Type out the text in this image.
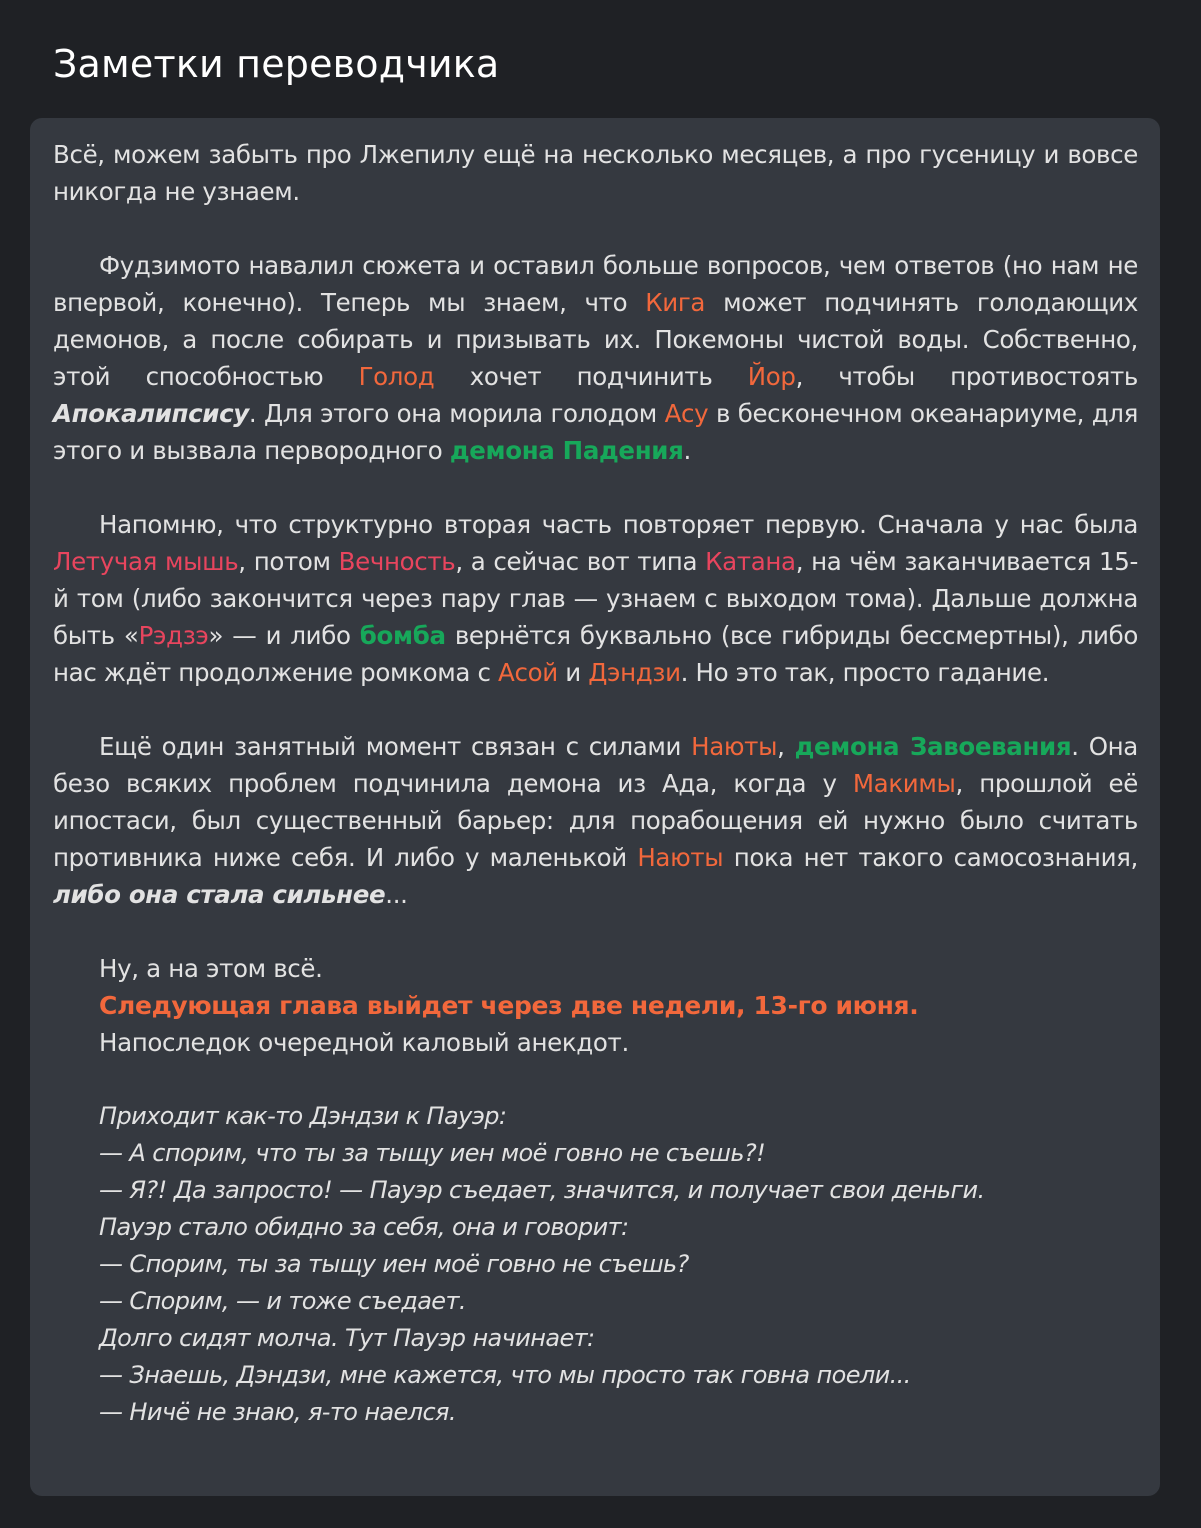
Заметки переводчика

Всё, можем забыть про Лжепилу ещё на несколько месяцев, а про гусеницу и вовсе никогда не узнаем.

Фудзимото навалил сюжета и оставил больше вопросов, чем ответов (но нам не впервой, конечно). Теперь мы знаем, что Кига может подчинять голодающих демонов, а после собирать и призывать их. Покемоны чистой воды. Собственно, этой способностью Голод хочет подчинить Йор, чтобы противостоять Апокалипсису. Для этого она морила голодом Асу в бесконечном океанариуме, для этого и вызвала первородного демона Падения.

Напомню, что структурно вторая часть повторяет первую. Сначала у нас была Летучая мышь, потом Вечность, а сейчас вот типа Катана, на чём заканчивается 15-й том (либо закончится через пару глав — узнаем с выходом тома). Дальше должна быть «Рэдзэ» — и либо бомба вернётся буквально (все гибриды бессмертны), либо нас ждёт продолжение ромкома с Асой и Дэндзи. Но это так, просто гадание.

Ещё один занятный момент связан с силами Наюты, демона Завоевания. Она безо всяких проблем подчинила демона из Ада, когда у Макимы, прошлой её ипостаси, был существенный барьер: для порабощения ей нужно было считать противника ниже себя. И либо у маленькой Наюты пока нет такого самосознания, либо она стала сильнее...

Ну, а на этом всё.
Следующая глава выйдет через две недели, 13-го июня.
Напоследок очередной каловый анекдот.
Приходит как-то Дэндзи к Пауэр:
— А спорим, что ты за тыщу иен моё говно не съешь?!
— Я?! Да запросто! — Пауэр съедает, значится, и получает свои деньги.
Пауэр стало обидно за себя, она и говорит:
— Спорим, ты за тыщу иен моё говно не съешь?
— Спорим, — и тоже съедает.
Долго сидят молча. Тут Пауэр начинает:
— Знаешь, Дэндзи, мне кажется, что мы просто так говна поели...
— Ничё не знаю, я-то наелся.
